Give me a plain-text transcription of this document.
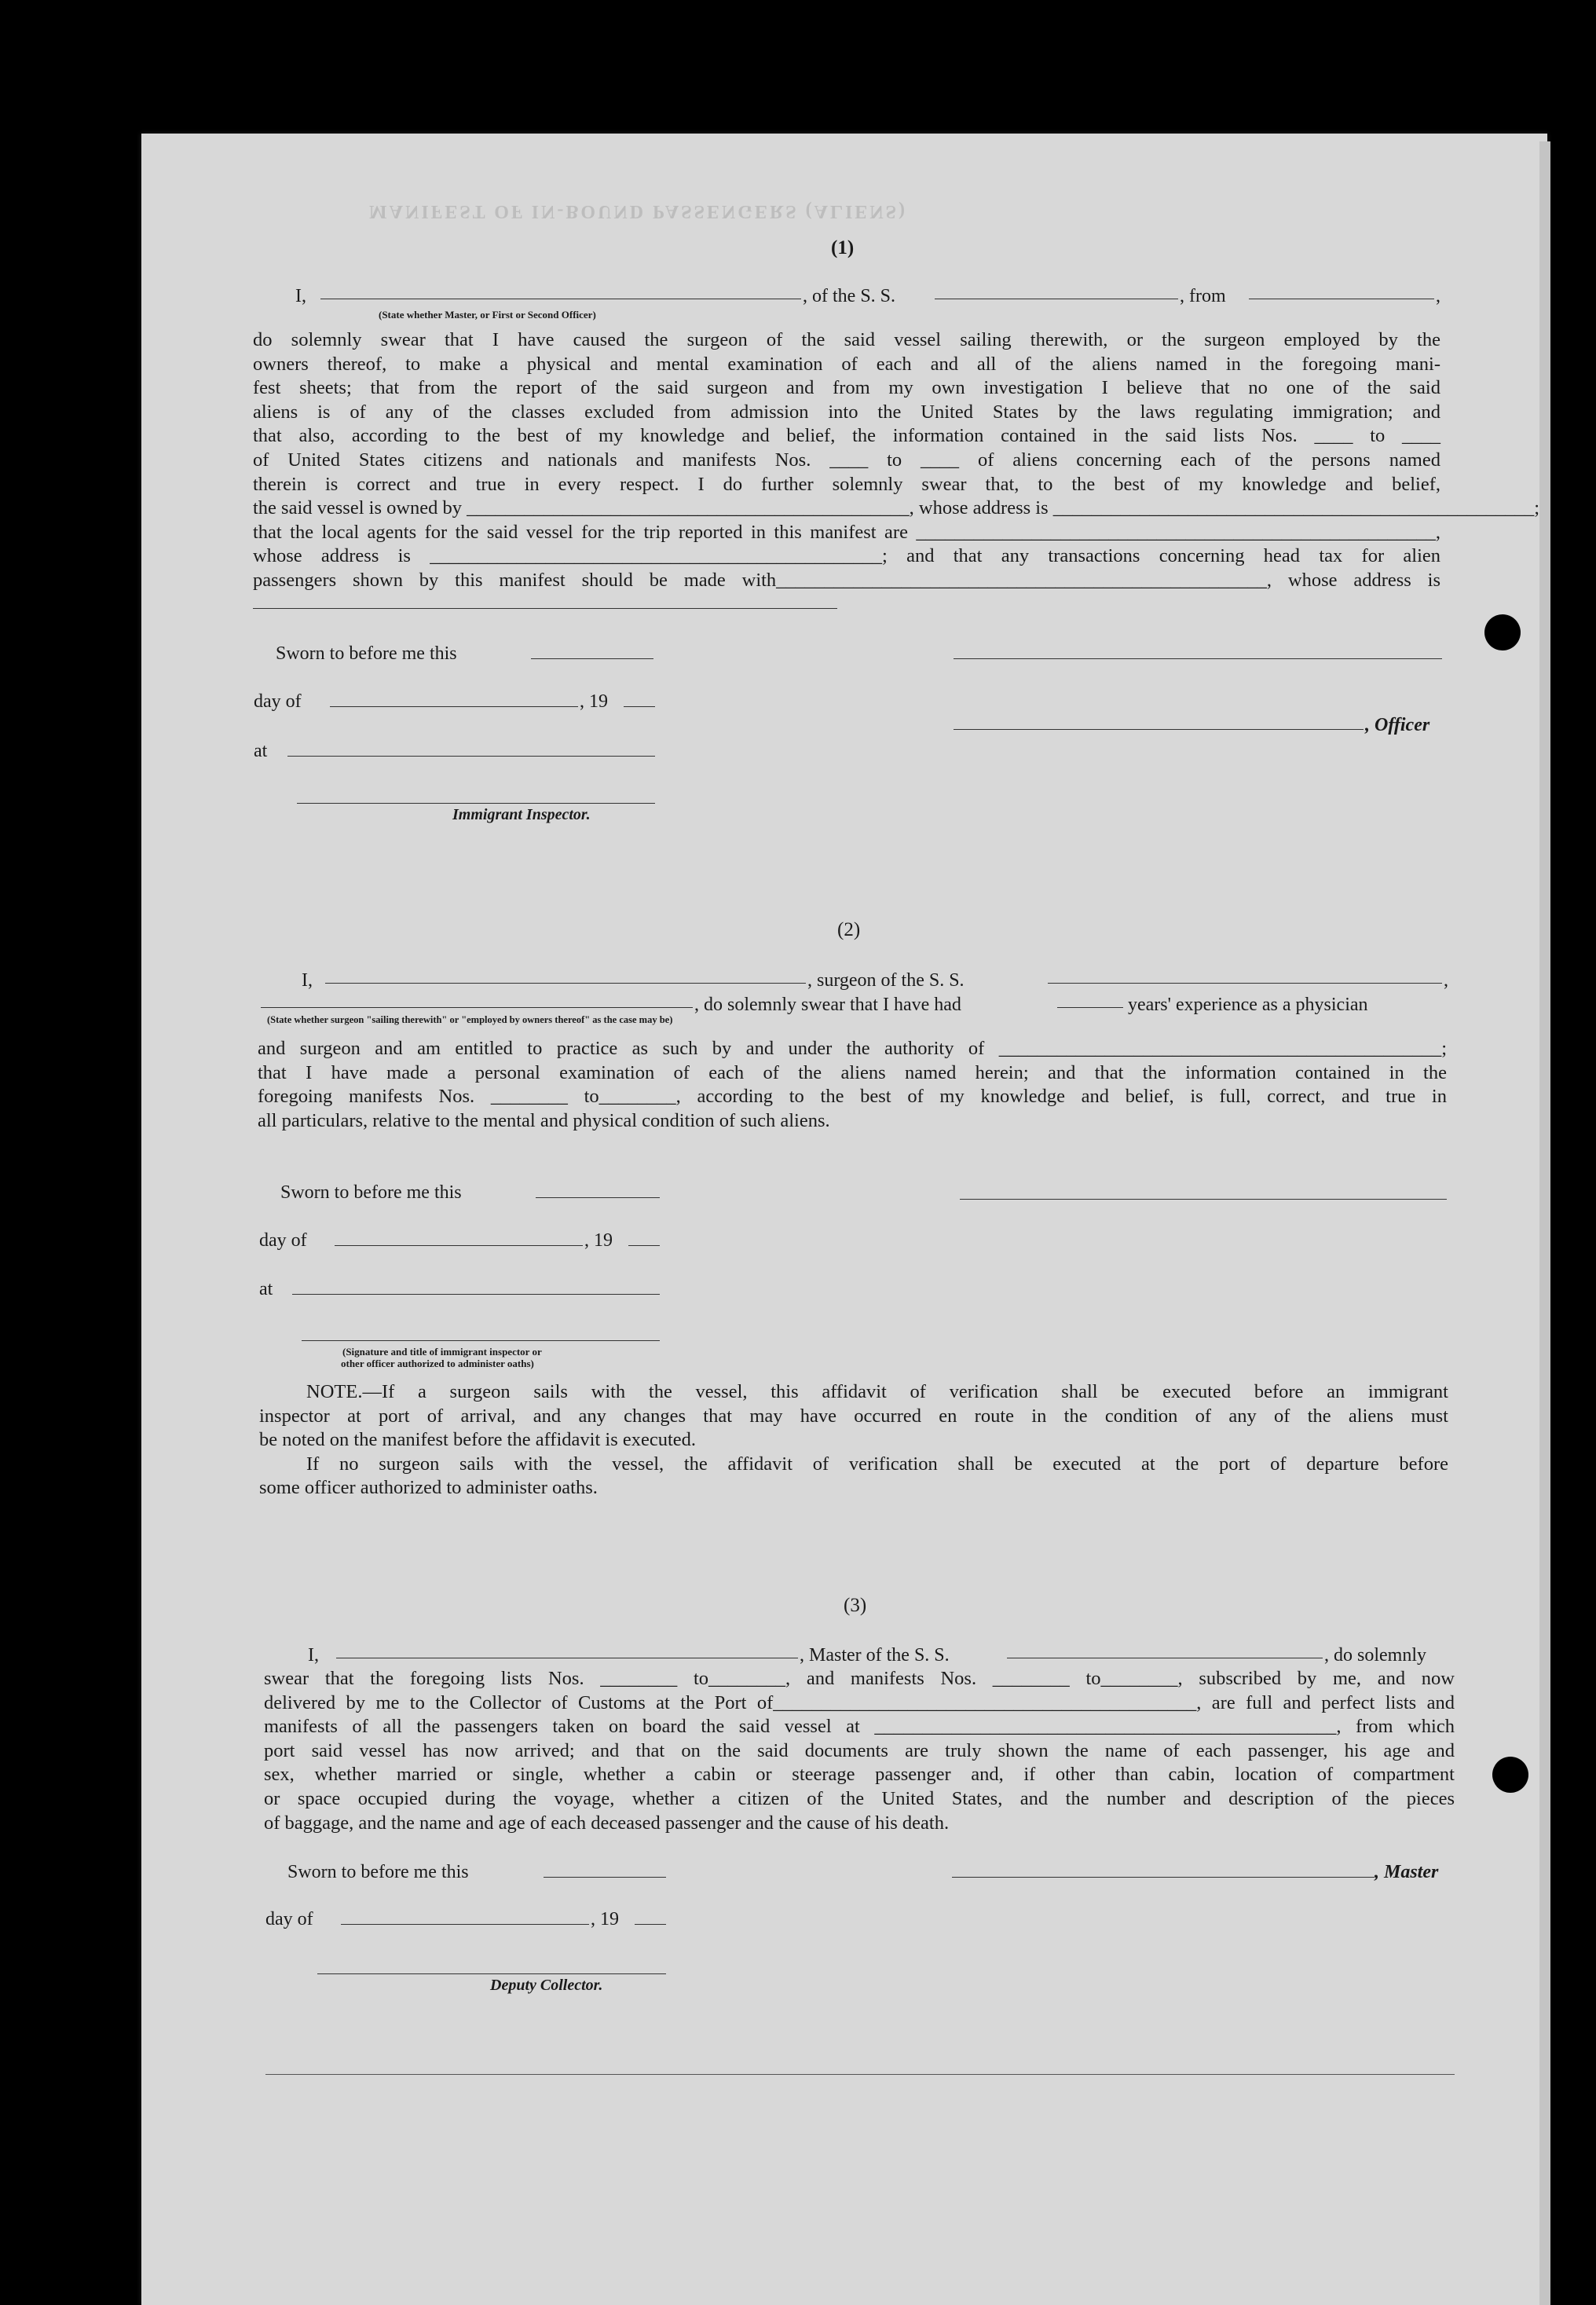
MANIFEST OF IN-BOUND PASSENGERS (ALIENS)
(1)
I,	, of the S. S.	, from	,
(State whether Master, or First or Second Officer)
do solemnly swear that I have caused the surgeon of the said vessel sailing therewith, or the surgeon employed by the
owners thereof, to make a physical and mental examination of each and all of the aliens named in the foregoing mani-
fest sheets; that from the report of the said surgeon and from my own investigation I believe that no one of the said
aliens is of any of the classes excluded from admission into the United States by the laws regulating immigration; and
that also, according to the best of my knowledge and belief, the information contained in the said lists Nos. ____ to ____
of United States citizens and nationals and manifests Nos. ____ to ____ of aliens concerning each of the persons named
therein is correct and true in every respect. I do further solemnly swear that, to the best of my knowledge and belief,
the said vessel is owned by ______________________________________________, whose address is __________________________________________________;
that the local agents for the said vessel for the trip reported in this manifest are ______________________________________________________,
whose address is _______________________________________________; and that any transactions concerning head tax for alien
passengers shown by this manifest should be made with___________________________________________________, whose address is
Sworn to before me this
day of	, 19
, Officer
at
Immigrant Inspector.
(2)
I,	, surgeon of the S. S.	,
, do solemnly swear that I have had	years' experience as a physician
(State whether surgeon "sailing therewith" or "employed by owners thereof" as the case may be)
and surgeon and am entitled to practice as such by and under the authority of ______________________________________________;
that I have made a personal examination of each of the aliens named herein; and that the information contained in the
foregoing manifests Nos. ________ to________, according to the best of my knowledge and belief, is full, correct, and true in
all particulars, relative to the mental and physical condition of such aliens.
Sworn to before me this
day of	, 19
at
(Signature and title of immigrant inspector or
other officer authorized to administer oaths)
NOTE.—If a surgeon sails with the vessel, this affidavit of verification shall be executed before an immigrant
inspector at port of arrival, and any changes that may have occurred en route in the condition of any of the aliens must
be noted on the manifest before the affidavit is executed.
If no surgeon sails with the vessel, the affidavit of verification shall be executed at the port of departure before
some officer authorized to administer oaths.
(3)
I,	, Master of the S. S.	, do solemnly
swear that the foregoing lists Nos. ________ to________, and manifests Nos. ________ to________, subscribed by me, and now
delivered by me to the Collector of Customs at the Port of____________________________________________, are full and perfect lists and
manifests of all the passengers taken on board the said vessel at ________________________________________________, from which
port said vessel has now arrived; and that on the said documents are truly shown the name of each passenger, his age and
sex, whether married or single, whether a cabin or steerage passenger and, if other than cabin, location of compartment
or space occupied during the voyage, whether a citizen of the United States, and the number and description of the pieces
of baggage, and the name and age of each deceased passenger and the cause of his death.
Sworn to before me this	, Master
day of	, 19
Deputy Collector.
